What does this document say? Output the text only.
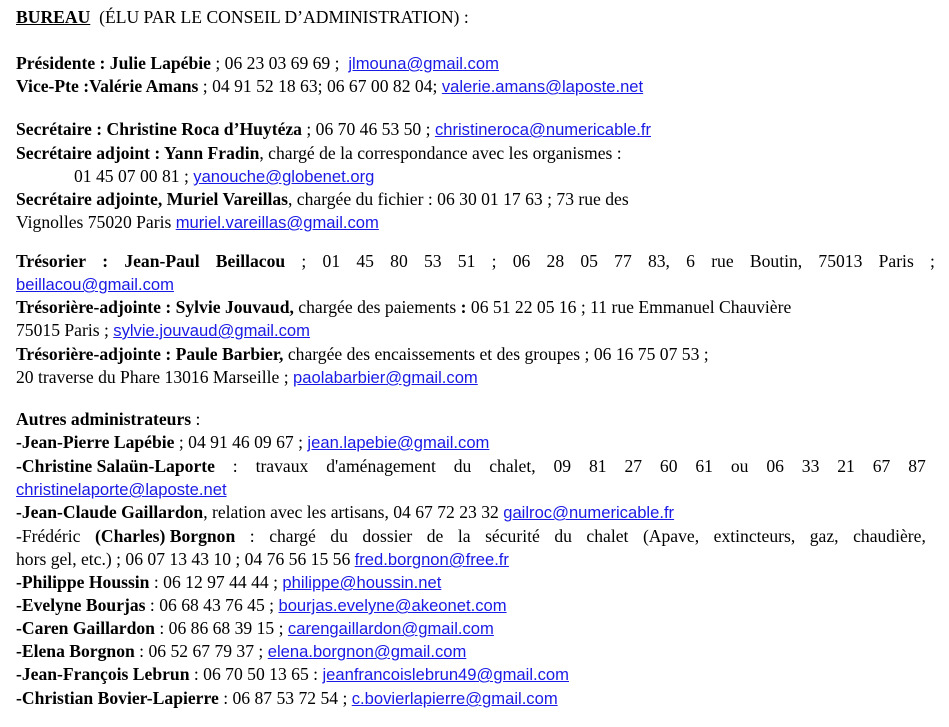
BUREAU (ÉLU PAR LE CONSEIL D’ADMINISTRATION) :
Présidente : Julie Lapébie ; 06 23 03 69 69 ; jlmouna@gmail.com
Vice-Pte :Valérie Amans ; 04 91 52 18 63; 06 67 00 82 04; valerie.amans@laposte.net
Secrétaire : Christine Roca d’Huytéza ; 06 70 46 53 50 ; christineroca@numericable.fr
Secrétaire adjoint : Yann Fradin, chargé de la correspondance avec les organismes :
01 45 07 00 81 ; yanouche@globenet.org
Secrétaire adjointe, Muriel Vareillas, chargée du fichier : 06 30 01 17 63 ; 73 rue des
Vignolles 75020 Paris muriel.vareillas@gmail.com
Trésorier : Jean-Paul Beillacou ; 01 45 80 53 51 ; 06 28 05 77 83, 6 rue Boutin, 75013 Paris ;
beillacou@gmail.com
Trésorière-adjointe : Sylvie Jouvaud, chargée des paiements : 06 51 22 05 16 ; 11 rue Emmanuel Chauvière
75015 Paris ; sylvie.jouvaud@gmail.com
Trésorière-adjointe : Paule Barbier, chargée des encaissements et des groupes ; 06 16 75 07 53 ;
20 traverse du Phare 13016 Marseille ; paolabarbier@gmail.com
Autres administrateurs :
-Jean-Pierre Lapébie ; 04 91 46 09 67 ; jean.lapebie@gmail.com
-Christine Salaün-Laporte : travaux d'aménagement du chalet, 09 81 27 60 61 ou 06 33 21 67 87
christinelaporte@laposte.net
-Jean-Claude Gaillardon, relation avec les artisans, 04 67 72 23 32 gailroc@numericable.fr
-Frédéric (Charles) Borgnon : chargé du dossier de la sécurité du chalet (Apave, extincteurs, gaz, chaudière,
hors gel, etc.) ; 06 07 13 43 10 ; 04 76 56 15 56 fred.borgnon@free.fr
-Philippe Houssin : 06 12 97 44 44 ; philippe@houssin.net
-Evelyne Bourjas : 06 68 43 76 45 ; bourjas.evelyne@akeonet.com
-Caren Gaillardon : 06 86 68 39 15 ; carengaillardon@gmail.com
-Elena Borgnon : 06 52 67 79 37 ; elena.borgnon@gmail.com
-Jean-François Lebrun : 06 70 50 13 65 : jeanfrancoislebrun49@gmail.com
-Christian Bovier-Lapierre : 06 87 53 72 54 ; c.bovierlapierre@gmail.com
